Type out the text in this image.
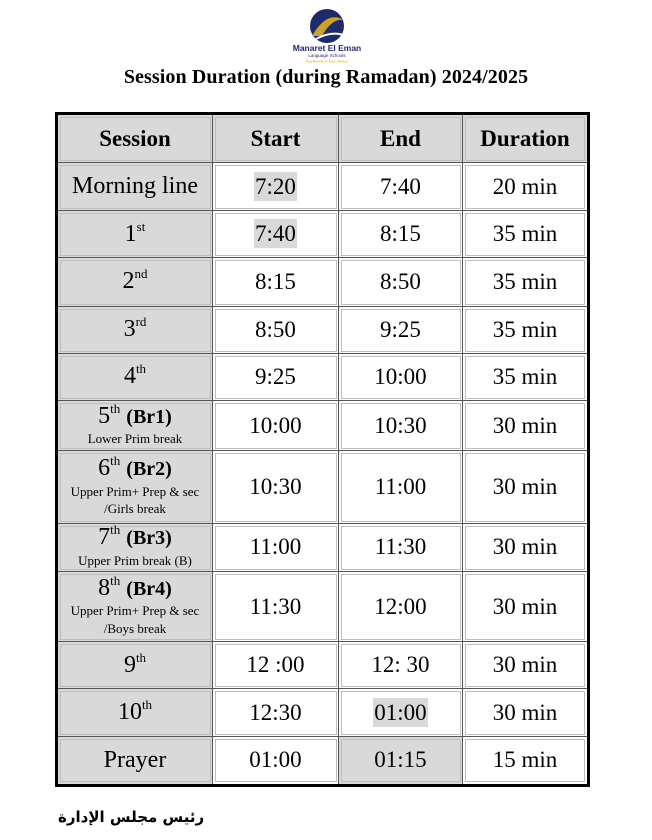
Manaret El Eman
Language Schools
Anchored in Excellence
Session Duration (during Ramadan) 2024/2025
Session	Start	End	Duration
Morning line	7:20	7:40	20 min
1st	7:40	8:15	35 min
2nd	8:15	8:50	35 min
3rd	8:50	9:25	35 min
4th	9:25	10:00	35 min
5th (Br1)
Lower Prim break	10:00	10:30	30 min
6th (Br2)
Upper Prim+ Prep & sec /Girls break	10:30	11:00	30 min
7th (Br3)
Upper Prim break (B)	11:00	11:30	30 min
8th (Br4)
Upper Prim+ Prep & sec /Boys break	11:30	12:00	30 min
9th	12 :00	12: 30	30 min
10th	12:30	01:00	30 min
Prayer	01:00	01:15	15 min
رئيس مجلس الإدارة
